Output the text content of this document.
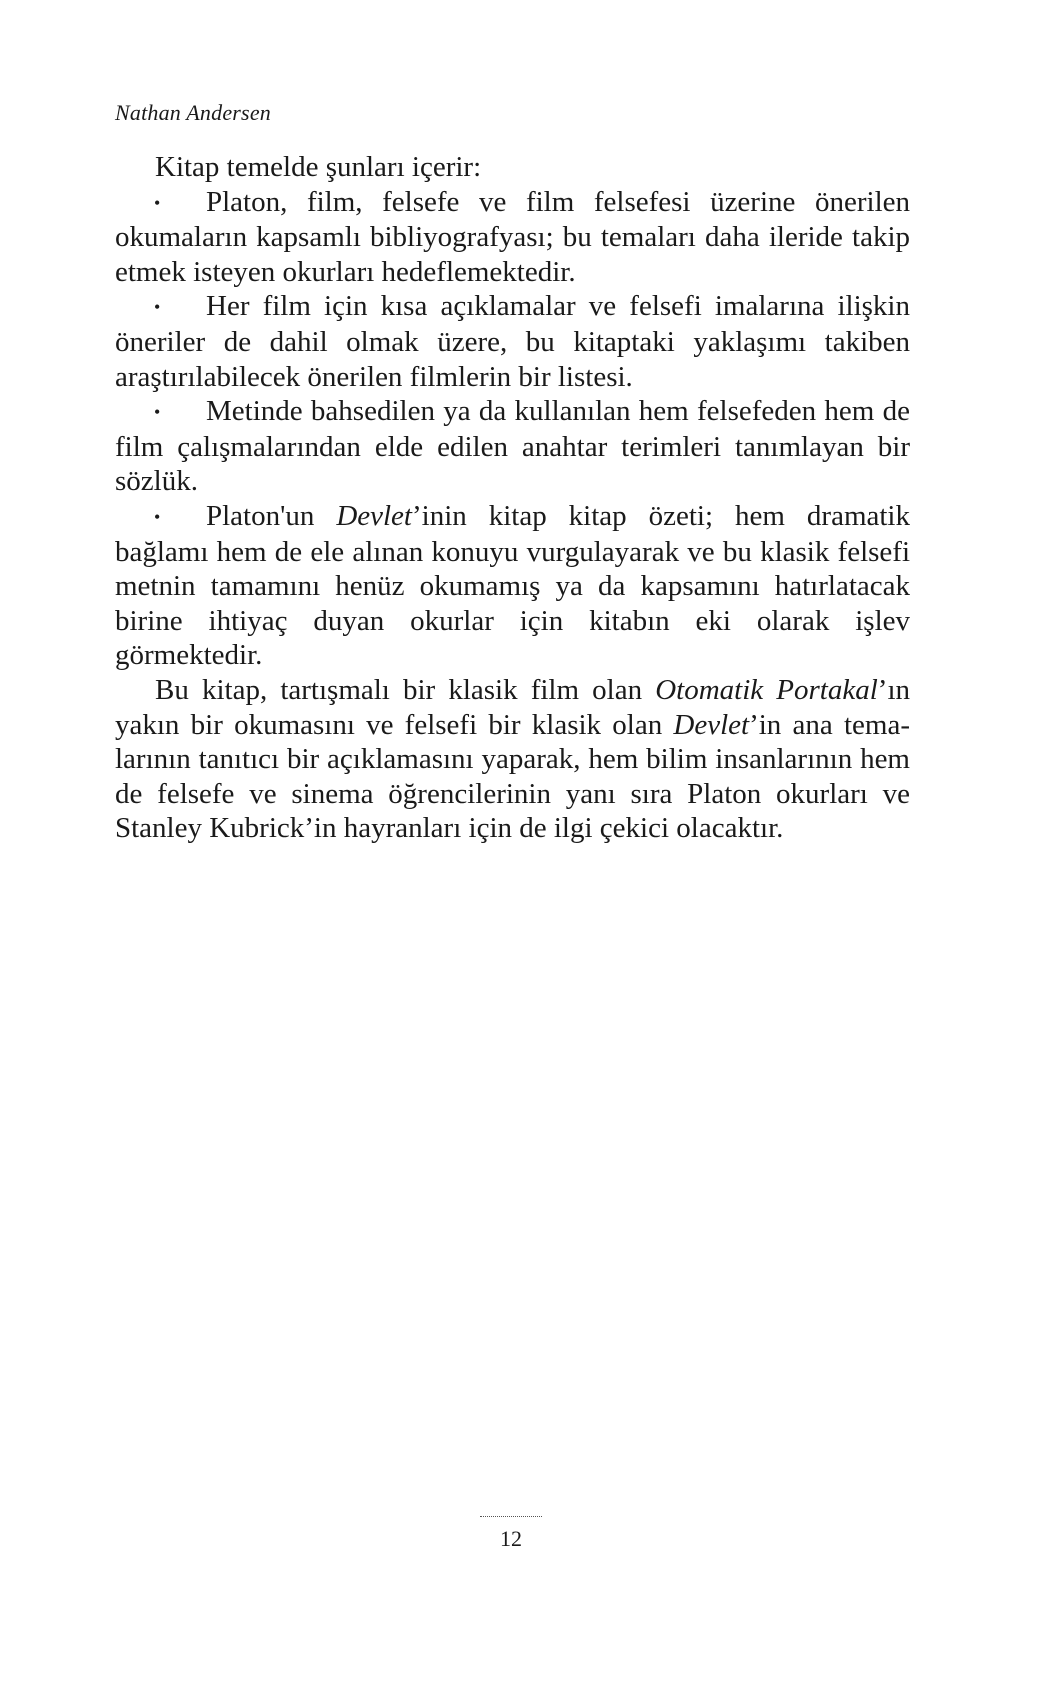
Nathan Andersen

Kitap temelde şunları içerir:

• Platon, film, felsefe ve film felsefesi üzerine önerilen okumaların kapsamlı bibliyografyası; bu temaları daha ileride takip etmek isteyen okurları hedeflemektedir.

• Her film için kısa açıklamalar ve felsefi imalarına ilişkin öneriler de dahil olmak üzere, bu kitaptaki yaklaşımı takiben araştırılabilecek önerilen filmlerin bir listesi.

• Metinde bahsedilen ya da kullanılan hem felsefeden hem de film çalışmalarından elde edilen anahtar terimleri tanımlayan bir sözlük.

• Platon'un Devlet’inin kitap kitap özeti; hem dramatik bağlamı hem de ele alınan konuyu vurgulayarak ve bu klasik felsefi metnin tamamını henüz okumamış ya da kapsamını hatırlatacak birine ihtiyaç duyan okurlar için kitabın eki olarak işlev görmektedir.

Bu kitap, tartışmalı bir klasik film olan Otomatik Portakal’ın yakın bir okumasını ve felsefi bir klasik olan Devlet’in ana temalarının tanıtıcı bir açıklamasını yaparak, hem bilim insanlarının hem de felsefe ve sinema öğrencilerinin yanı sıra Platon okurları ve Stanley Kubrick’in hayranları için de ilgi çekici olacaktır.

12
